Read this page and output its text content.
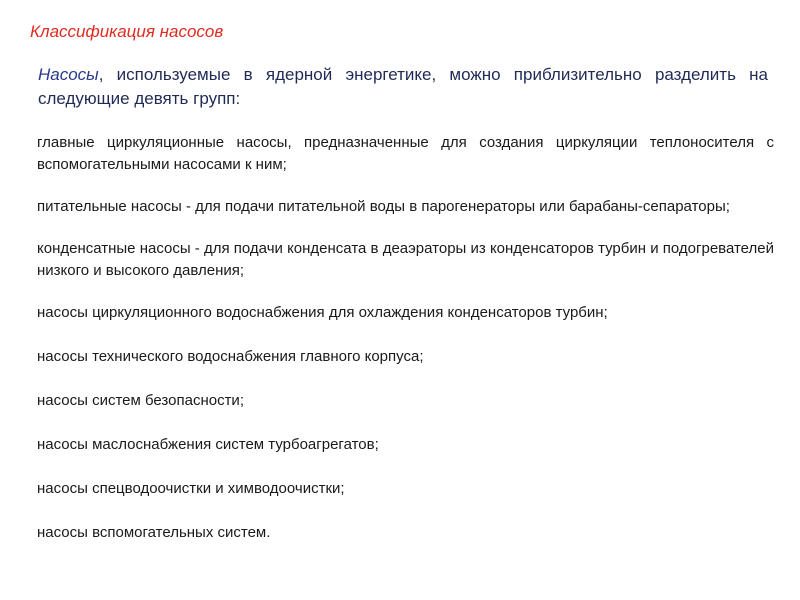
Классификация насосов
Насосы, используемые в ядерной энергетике, можно приблизительно разделить на следующие девять групп:
главные циркуляционные насосы, предназначенные для создания циркуляции теплоносителя с вспомогательными насосами к ним;
питательные насосы - для подачи питательной воды в парогенераторы или барабаны-сепараторы;
конденсатные насосы - для подачи конденсата в деаэраторы из конденсаторов турбин и подогревателей низкого и высокого давления;
насосы циркуляционного водоснабжения для охлаждения конденсаторов турбин;
насосы технического водоснабжения главного корпуса;
насосы систем безопасности;
насосы маслоснабжения систем турбоагрегатов;
насосы спецводоочистки и химводоочистки;
насосы вспомогательных систем.
